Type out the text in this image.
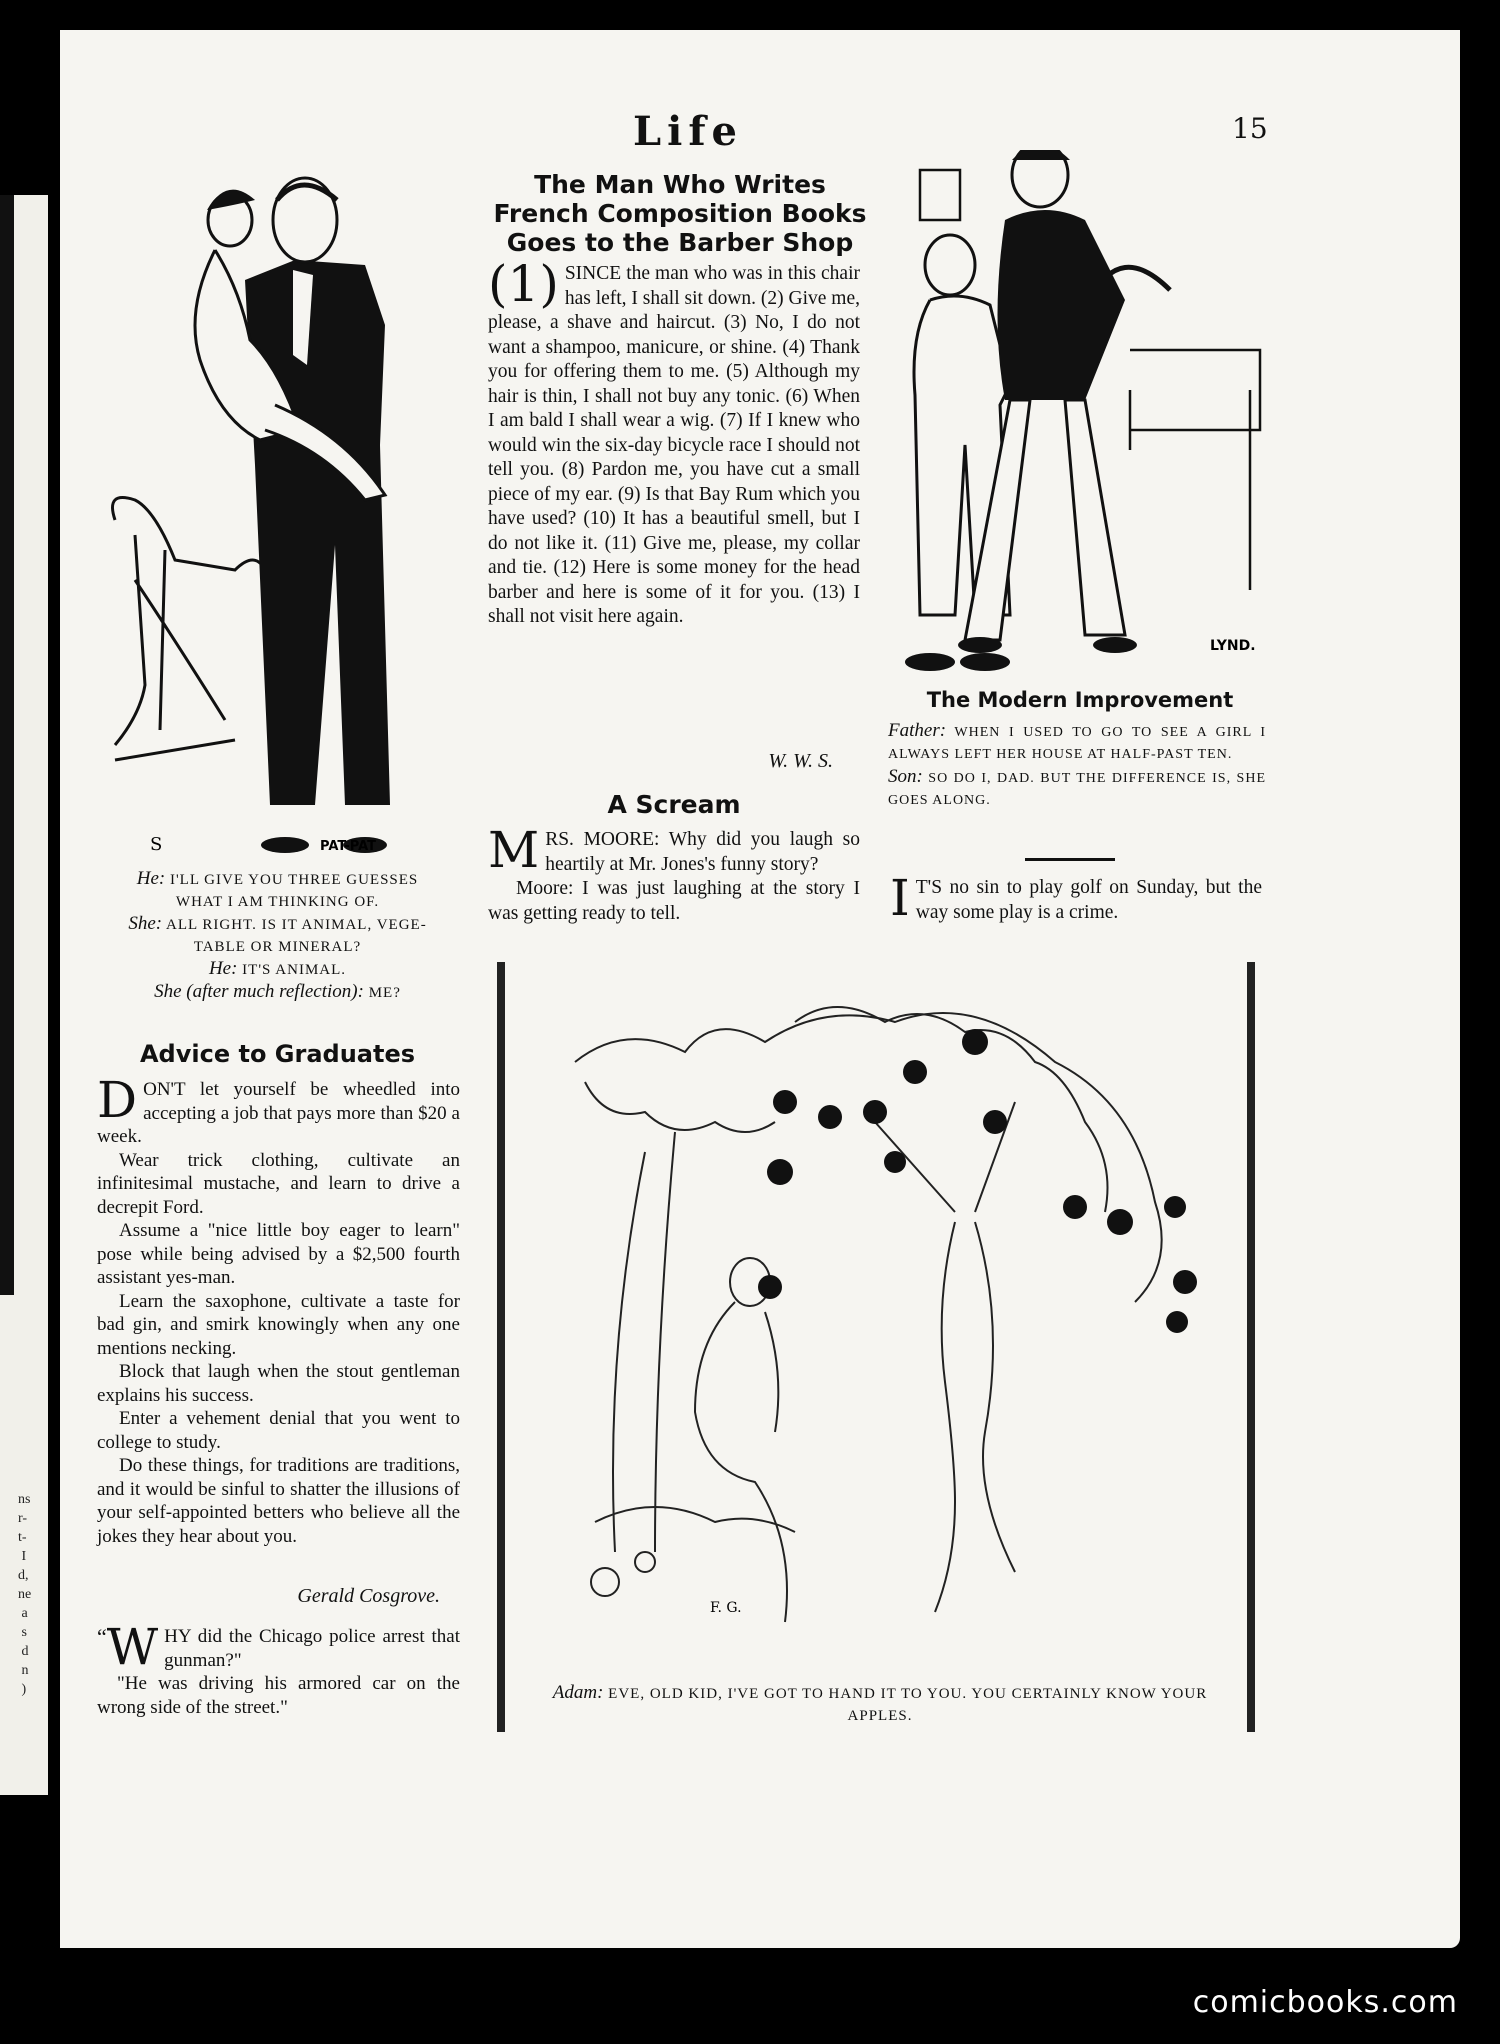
ns
r-
t-
I
d,
ne
a
s
d
n
)
Life	15
PAT-PAT
S
He: I'LL GIVE YOU THREE GUESSES
WHAT I AM THINKING OF.
She: ALL RIGHT. IS IT ANIMAL, VEGE-
TABLE OR MINERAL?
He: IT'S ANIMAL.
She (after much reflection): ME?
The Man Who Writes
French Composition Books
Goes to the Barber Shop
(1) SINCE the man who was in this chair has left, I shall sit down. (2) Give me, please, a shave and haircut. (3) No, I do not want a shampoo, manicure, or shine. (4) Thank you for offering them to me. (5) Although my hair is thin, I shall not buy any tonic. (6) When I am bald I shall wear a wig. (7) If I knew who would win the six-day bicycle race I should not tell you. (8) Pardon me, you have cut a small piece of my ear. (9) Is that Bay Rum which you have used? (10) It has a beautiful smell, but I do not like it. (11) Give me, please, my collar and tie. (12) Here is some money for the head barber and here is some of it for you. (13) I shall not visit here again.
W. W. S.
A Scream
MRS. MOORE: Why did you laugh so heartily at Mr. Jones's funny story?
Moore: I was just laughing at the story I was getting ready to tell.
LYND.
The Modern Improvement
Father: WHEN I USED TO GO TO SEE A GIRL I ALWAYS LEFT HER HOUSE AT HALF-PAST TEN.
Son: SO DO I, DAD. BUT THE DIFFERENCE IS, SHE GOES ALONG.
I T'S no sin to play golf on Sunday, but the way some play is a crime.
Advice to Graduates
DON'T let yourself be wheedled into accepting a job that pays more than $20 a week.
Wear trick clothing, cultivate an infinitesimal mustache, and learn to drive a decrepit Ford.
Assume a "nice little boy eager to learn" pose while being advised by a $2,500 fourth assistant yes-man.
Learn the saxophone, cultivate a taste for bad gin, and smirk knowingly when any one mentions necking.
Block that laugh when the stout gentleman explains his success.
Enter a vehement denial that you went to college to study.
Do these things, for traditions are traditions, and it would be sinful to shatter the illusions of your self-appointed betters who believe all the jokes they hear about you.
Gerald Cosgrove.
“ W HY did the Chicago police arrest that gunman?"
"He was driving his armored car on the wrong side of the street."
F. G.
Adam: EVE, OLD KID, I'VE GOT TO HAND IT TO YOU. YOU CERTAINLY KNOW YOUR APPLES.
comicbooks.com
